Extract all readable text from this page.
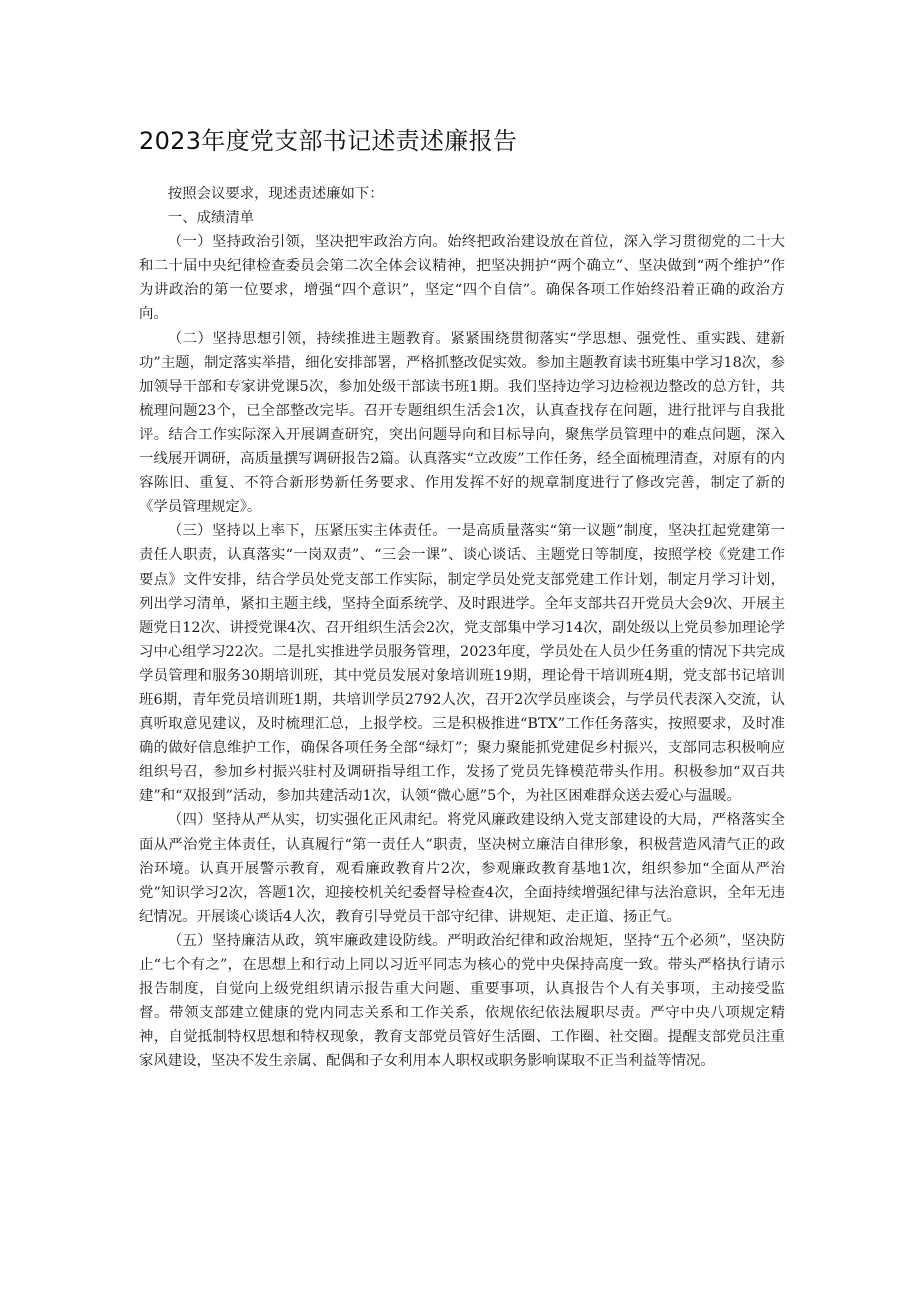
2023年度党支部书记述责述廉报告

按照会议要求，现述责述廉如下：

一、成绩清单

（一）坚持政治引领，坚决把牢政治方向。始终把政治建设放在首位，深入学习贯彻党的二十大和二十届中央纪律检查委员会第二次全体会议精神，把坚决拥护“两个确立”、坚决做到“两个维护”作为讲政治的第一位要求，增强“四个意识”，坚定“四个自信”。确保各项工作始终沿着正确的政治方向。

（二）坚持思想引领，持续推进主题教育。紧紧围绕贯彻落实“学思想、强党性、重实践、建新功”主题，制定落实举措，细化安排部署，严格抓整改促实效。参加主题教育读书班集中学习18次，参加领导干部和专家讲党课5次，参加处级干部读书班1期。我们坚持边学习边检视边整改的总方针，共梳理问题23个，已全部整改完毕。召开专题组织生活会1次，认真查找存在问题，进行批评与自我批评。结合工作实际深入开展调查研究，突出问题导向和目标导向，聚焦学员管理中的难点问题，深入一线展开调研，高质量撰写调研报告2篇。认真落实“立改废”工作任务，经全面梳理清查，对原有的内容陈旧、重复、不符合新形势新任务要求、作用发挥不好的规章制度进行了修改完善，制定了新的《学员管理规定》。

（三）坚持以上率下，压紧压实主体责任。一是高质量落实“第一议题”制度，坚决扛起党建第一责任人职责，认真落实“一岗双责”、“三会一课”、谈心谈话、主题党日等制度，按照学校《党建工作要点》文件安排，结合学员处党支部工作实际，制定学员处党支部党建工作计划，制定月学习计划，列出学习清单，紧扣主题主线，坚持全面系统学、及时跟进学。全年支部共召开党员大会9次、开展主题党日12次、讲授党课4次、召开组织生活会2次，党支部集中学习14次，副处级以上党员参加理论学习中心组学习22次。二是扎实推进学员服务管理，2023年度，学员处在人员少任务重的情况下共完成学员管理和服务30期培训班，其中党员发展对象培训班19期，理论骨干培训班4期，党支部书记培训班6期，青年党员培训班1期，共培训学员2792人次，召开2次学员座谈会，与学员代表深入交流，认真听取意见建议，及时梳理汇总，上报学校。三是积极推进“BTX”工作任务落实，按照要求，及时准确的做好信息维护工作，确保各项任务全部“绿灯”；聚力聚能抓党建促乡村振兴，支部同志积极响应组织号召，参加乡村振兴驻村及调研指导组工作，发扬了党员先锋模范带头作用。积极参加“双百共建”和“双报到”活动，参加共建活动1次，认领“微心愿”5个，为社区困难群众送去爱心与温暖。

（四）坚持从严从实，切实强化正风肃纪。将党风廉政建设纳入党支部建设的大局，严格落实全面从严治党主体责任，认真履行“第一责任人”职责，坚决树立廉洁自律形象，积极营造风清气正的政治环境。认真开展警示教育，观看廉政教育片2次，参观廉政教育基地1次，组织参加“全面从严治党”知识学习2次，答题1次，迎接校机关纪委督导检查4次，全面持续增强纪律与法治意识，全年无违纪情况。开展谈心谈话4人次，教育引导党员干部守纪律、讲规矩、走正道、扬正气。

（五）坚持廉洁从政，筑牢廉政建设防线。严明政治纪律和政治规矩，坚持“五个必须”，坚决防止“七个有之”，在思想上和行动上同以习近平同志为核心的党中央保持高度一致。带头严格执行请示报告制度，自觉向上级党组织请示报告重大问题、重要事项，认真报告个人有关事项，主动接受监督。带领支部建立健康的党内同志关系和工作关系，依规依纪依法履职尽责。严守中央八项规定精神，自觉抵制特权思想和特权现象，教育支部党员管好生活圈、工作圈、社交圈。提醒支部党员注重家风建设，坚决不发生亲属、配偶和子女利用本人职权或职务影响谋取不正当利益等情况。
